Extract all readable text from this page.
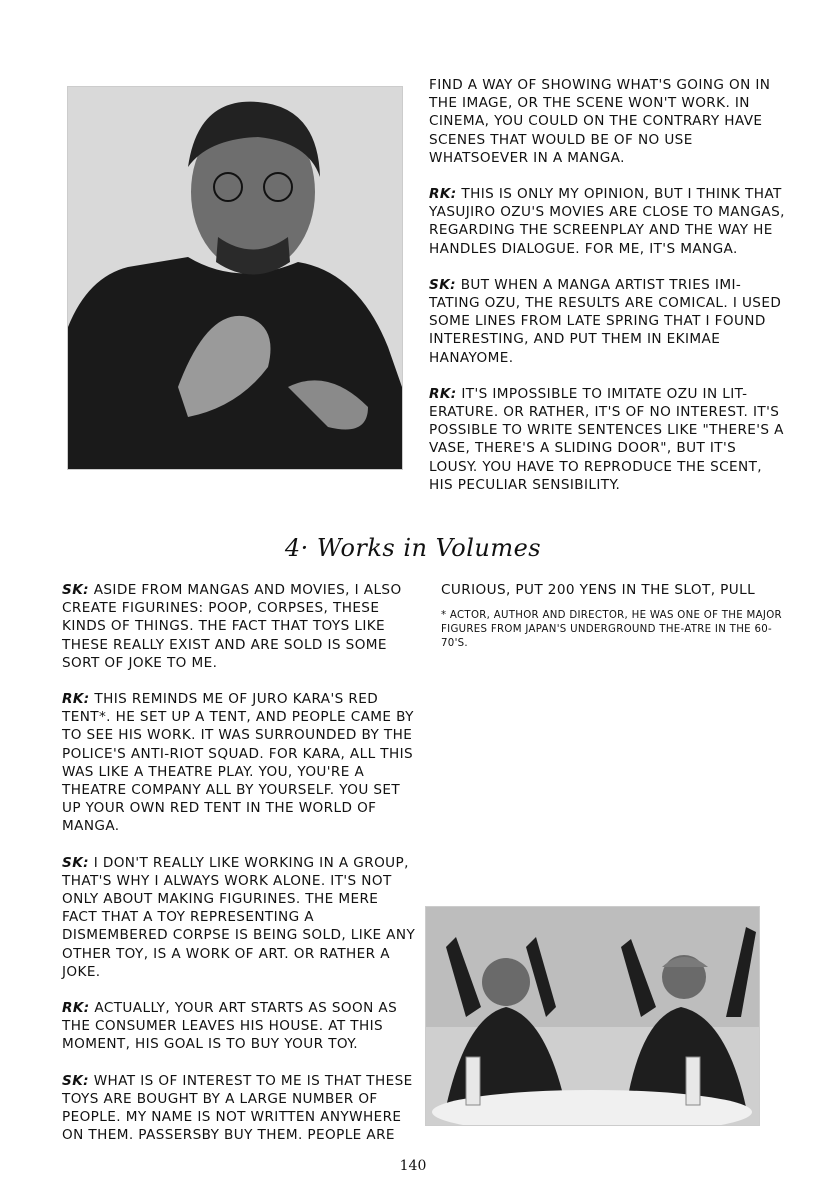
FIND A WAY OF SHOWING WHAT'S GOING ON IN THE IMAGE, OR THE SCENE WON'T WORK. IN CINEMA, YOU COULD ON THE CONTRARY HAVE SCENES THAT WOULD BE OF NO USE WHATSOEVER IN A MANGA.

RK: THIS IS ONLY MY OPINION, BUT I THINK THAT YASUJIRO OZU'S MOVIES ARE CLOSE TO MANGAS, REGARDING THE SCREENPLAY AND THE WAY HE HANDLES DIALOGUE. FOR ME, IT'S MANGA.

SK: BUT WHEN A MANGA ARTIST TRIES IMI-TATING OZU, THE RESULTS ARE COMICAL. I USED SOME LINES FROM LATE SPRING THAT I FOUND INTERESTING, AND PUT THEM IN EKIMAE HANAYOME.

RK: IT'S IMPOSSIBLE TO IMITATE OZU IN LIT-ERATURE. OR RATHER, IT'S OF NO INTEREST. IT'S POSSIBLE TO WRITE SENTENCES LIKE "THERE'S A VASE, THERE'S A SLIDING DOOR", BUT IT'S LOUSY. YOU HAVE TO REPRODUCE THE SCENT, HIS PECULIAR SENSIBILITY.

4· Works in Volumes

SK: ASIDE FROM MANGAS AND MOVIES, I ALSO CREATE FIGURINES: POOP, CORPSES, THESE KINDS OF THINGS. THE FACT THAT TOYS LIKE THESE REALLY EXIST AND ARE SOLD IS SOME SORT OF JOKE TO ME.

RK: THIS REMINDS ME OF JURO KARA'S RED TENT*. HE SET UP A TENT, AND PEOPLE CAME BY TO SEE HIS WORK. IT WAS SURROUNDED BY THE POLICE'S ANTI-RIOT SQUAD. FOR KARA, ALL THIS WAS LIKE A THEATRE PLAY. YOU, YOU'RE A THEATRE COMPANY ALL BY YOURSELF. YOU SET UP YOUR OWN RED TENT IN THE WORLD OF MANGA.

SK: I DON'T REALLY LIKE WORKING IN A GROUP, THAT'S WHY I ALWAYS WORK ALONE. IT'S NOT ONLY ABOUT MAKING FIGURINES. THE MERE FACT THAT A TOY REPRESENTING A DISMEMBERED CORPSE IS BEING SOLD, LIKE ANY OTHER TOY, IS A WORK OF ART. OR RATHER A JOKE.

RK: ACTUALLY, YOUR ART STARTS AS SOON AS THE CONSUMER LEAVES HIS HOUSE. AT THIS MOMENT, HIS GOAL IS TO BUY YOUR TOY.

SK: WHAT IS OF INTEREST TO ME IS THAT THESE TOYS ARE BOUGHT BY A LARGE NUMBER OF PEOPLE. MY NAME IS NOT WRITTEN ANYWHERE ON THEM. PASSERSBY BUY THEM. PEOPLE ARE

CURIOUS, PUT 200 YENS IN THE SLOT, PULL
* ACTOR, AUTHOR AND DIRECTOR, HE WAS ONE OF THE MAJOR FIGURES FROM JAPAN'S UNDERGROUND THE-ATRE IN THE 60-70'S.
140
